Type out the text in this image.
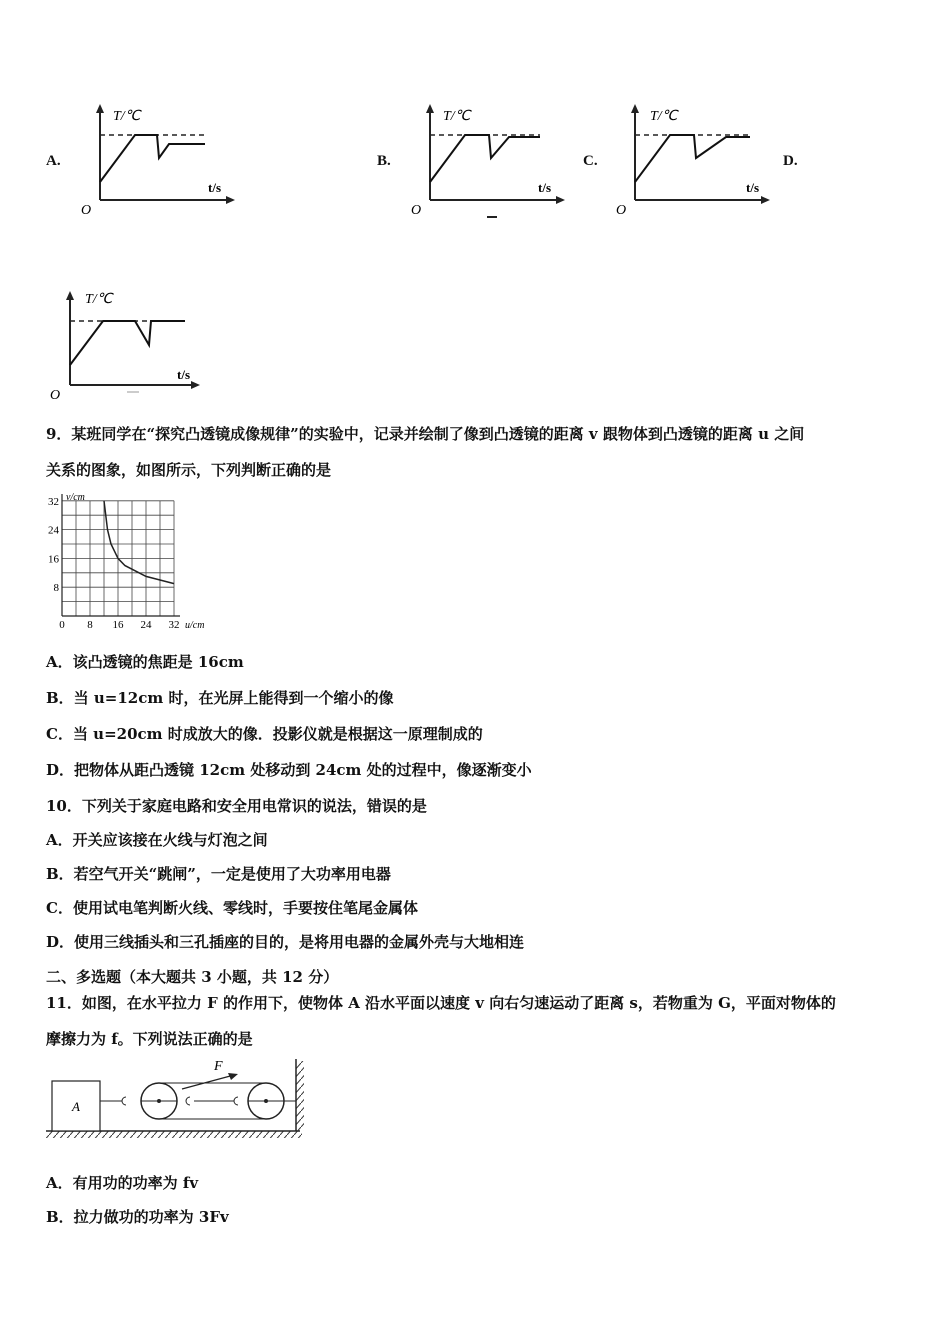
A.	B.	C.	D.
T/℃
t/s
O
T/℃
t/s
O
T/℃
t/s
O
T/℃
t/s
O
9．某班同学在“探究凸透镜成像规律”的实验中，记录并绘制了像到凸透镜的距离 v 跟物体到凸透镜的距离 u 之间
关系的图象，如图所示，下列判断正确的是
v/cm
u/cm
32
24
16
8
0 8 16 24 32
A．该凸透镜的焦距是 16cm
B．当 u=12cm 时，在光屏上能得到一个缩小的像
C．当 u=20cm 时成放大的像．投影仪就是根据这一原理制成的
D．把物体从距凸透镜 12cm 处移动到 24cm 处的过程中，像逐渐变小
10．下列关于家庭电路和安全用电常识的说法，错误的是
A．开关应该接在火线与灯泡之间
B．若空气开关“跳闸”，一定是使用了大功率用电器
C．使用试电笔判断火线、零线时，手要按住笔尾金属体
D．使用三线插头和三孔插座的目的，是将用电器的金属外壳与大地相连
二、多选题（本大题共 3 小题，共 12 分）
11．如图，在水平拉力 F 的作用下，使物体 A 沿水平面以速度 v 向右匀速运动了距离 s，若物重为 G，平面对物体的
摩擦力为 f。下列说法正确的是
A
F
A．有用功的功率为 fv
B．拉力做功的功率为 3Fv
